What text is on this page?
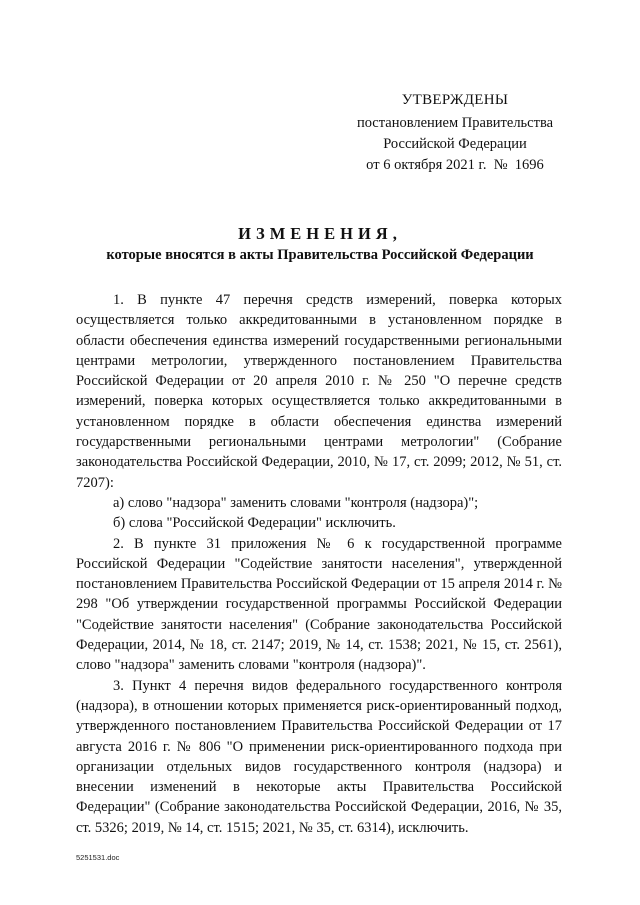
УТВЕРЖДЕНЫ
постановлением Правительства
Российской Федерации
от 6 октября 2021 г.  №  1696
ИЗМЕНЕНИЯ,
которые вносятся в акты Правительства Российской Федерации

1. В пункте 47 перечня средств измерений, поверка которых осуществляется только аккредитованными в установленном порядке в области обеспечения единства измерений государственными региональными центрами метрологии, утвержденного постановлением Правительства Российской Федерации от 20 апреля 2010 г. № 250 "О перечне средств измерений, поверка которых осуществляется только аккредитованными в установленном порядке в области обеспечения единства измерений государственными региональными центрами метрологии" (Собрание законодательства Российской Федерации, 2010, № 17, ст. 2099; 2012, № 51, ст. 7207):

а) слово "надзора" заменить словами "контроля (надзора)";

б) слова "Российской Федерации" исключить.

2. В пункте 31 приложения № 6 к государственной программе Российской Федерации "Содействие занятости населения", утвержденной постановлением Правительства Российской Федерации от 15 апреля 2014 г. № 298 "Об утверждении государственной программы Российской Федерации "Содействие занятости населения" (Собрание законодательства Российской Федерации, 2014, № 18, ст. 2147; 2019, № 14, ст. 1538; 2021, № 15, ст. 2561), слово "надзора" заменить словами "контроля (надзора)".

3. Пункт 4 перечня видов федерального государственного контроля (надзора), в отношении которых применяется риск-ориентированный подход, утвержденного постановлением Правительства Российской Федерации от 17 августа 2016 г. № 806 "О применении риск-ориентированного подхода при организации отдельных видов государственного контроля (надзора) и внесении изменений в некоторые акты Правительства Российской Федерации" (Собрание законодательства Российской Федерации, 2016, № 35, ст. 5326; 2019, № 14, ст. 1515; 2021, № 35, ст. 6314), исключить.

5251531.doc
